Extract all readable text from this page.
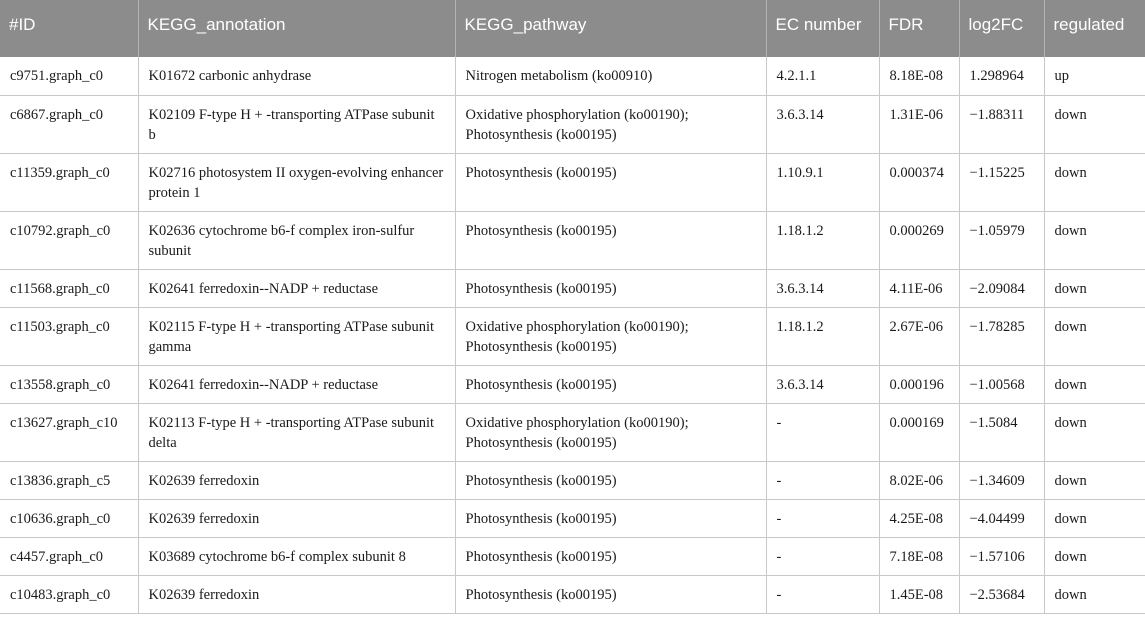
#ID	KEGG_annotation	KEGG_pathway	EC number	FDR	log2FC	regulated
c9751.graph_c0	K01672 carbonic anhydrase	Nitrogen metabolism (ko00910)	4.2.1.1	8.18E-08	1.298964	up
c6867.graph_c0	K02109 F-type H + -transporting ATPase subunit b	Oxidative phosphorylation (ko00190); Photosynthesis (ko00195)	3.6.3.14	1.31E-06	−1.88311	down
c11359.graph_c0	K02716 photosystem II oxygen-evolving enhancer protein 1	Photosynthesis (ko00195)	1.10.9.1	0.000374	−1.15225	down
c10792.graph_c0	K02636 cytochrome b6-f complex iron-sulfur subunit	Photosynthesis (ko00195)	1.18.1.2	0.000269	−1.05979	down
c11568.graph_c0	K02641 ferredoxin--NADP + reductase	Photosynthesis (ko00195)	3.6.3.14	4.11E-06	−2.09084	down
c11503.graph_c0	K02115 F-type H + -transporting ATPase subunit gamma	Oxidative phosphorylation (ko00190); Photosynthesis (ko00195)	1.18.1.2	2.67E-06	−1.78285	down
c13558.graph_c0	K02641 ferredoxin--NADP + reductase	Photosynthesis (ko00195)	3.6.3.14	0.000196	−1.00568	down
c13627.graph_c10	K02113 F-type H + -transporting ATPase subunit delta	Oxidative phosphorylation (ko00190); Photosynthesis (ko00195)	-	0.000169	−1.5084	down
c13836.graph_c5	K02639 ferredoxin	Photosynthesis (ko00195)	-	8.02E-06	−1.34609	down
c10636.graph_c0	K02639 ferredoxin	Photosynthesis (ko00195)	-	4.25E-08	−4.04499	down
c4457.graph_c0	K03689 cytochrome b6-f complex subunit 8	Photosynthesis (ko00195)	-	7.18E-08	−1.57106	down
c10483.graph_c0	K02639 ferredoxin	Photosynthesis (ko00195)	-	1.45E-08	−2.53684	down
